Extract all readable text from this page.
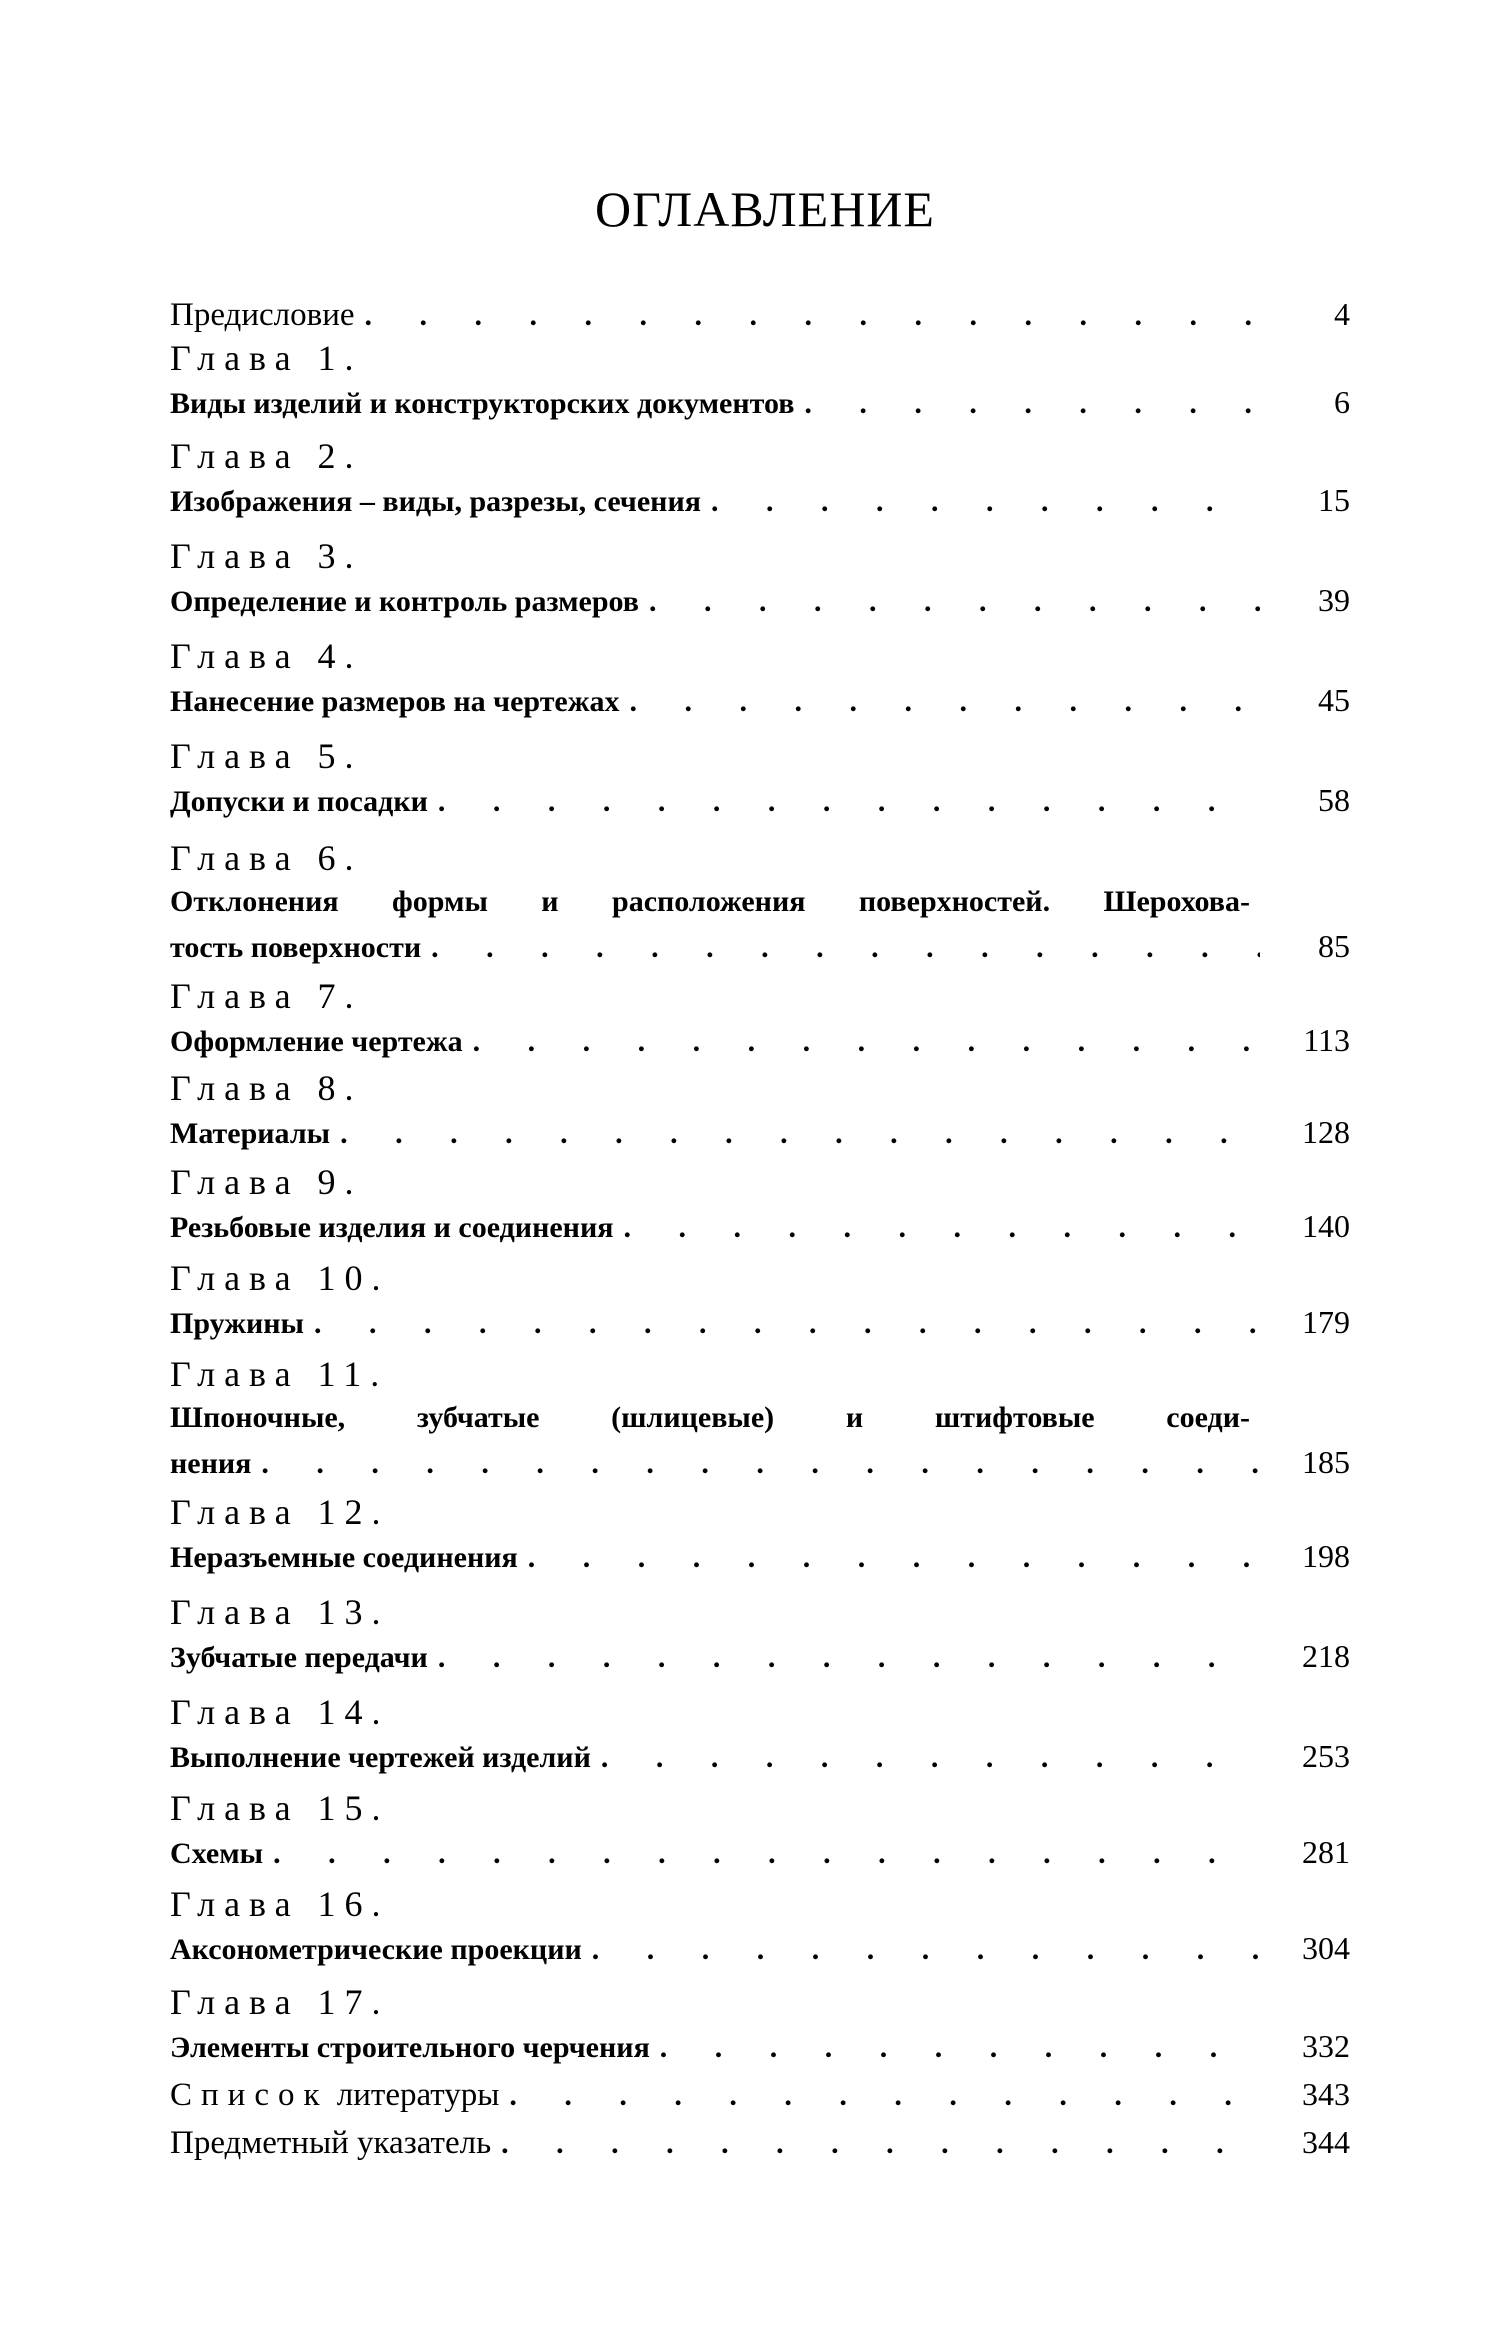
ОГЛАВЛЕНИЕ
Предисловие . . .	4
Глава 1.
Виды изделий и конструкторских документов . . .	6
Глава 2.
Изображения – виды, разрезы, сечения . . .	15
Глава 3.
Определение и контроль размеров . . .	39
Глава 4.
Нанесение размеров на чертежах . . .	45
Глава 5.
Допуски и посадки . . .	58
Глава 6.
Отклонения формы и расположения поверхностей. Шерохова-
тость поверхности . . .	85
Глава 7.
Оформление чертежа . . .	113
Глава 8.
Материалы . . .	128
Глава 9.
Резьбовые изделия и соединения . . .	140
Глава 10.
Пружины . . .	179
Глава 11.
Шпоночные, зубчатые (шлицевые) и штифтовые соеди-
нения . . .	185
Глава 12.
Неразъемные соединения . . .	198
Глава 13.
Зубчатые передачи . . .	218
Глава 14.
Выполнение чертежей изделий . . .	253
Глава 15.
Схемы . . .	281
Глава 16.
Аксонометрические проекции . . .	304
Глава 17.
Элементы строительного черчения . . .	332
Список литературы . . .	343
Предметный указатель . . .	344
